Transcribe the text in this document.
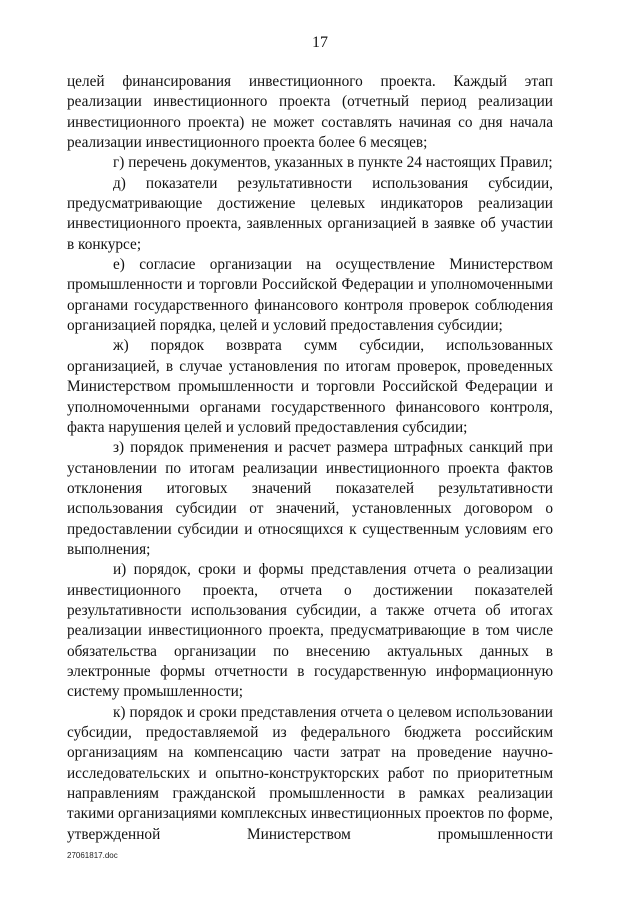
17

целей финансирования инвестиционного проекта. Каждый этап реализации инвестиционного проекта (отчетный период реализации инвестиционного проекта) не может составлять начиная со дня начала реализации инвестиционного проекта более 6 месяцев;

г) перечень документов, указанных в пункте 24 настоящих Правил;

д) показатели результативности использования субсидии, предусматривающие достижение целевых индикаторов реализации инвестиционного проекта, заявленных организацией в заявке об участии в конкурсе;

е) согласие организации на осуществление Министерством промышленности и торговли Российской Федерации и уполномоченными органами государственного финансового контроля проверок соблюдения организацией порядка, целей и условий предоставления субсидии;

ж) порядок возврата сумм субсидии, использованных организацией, в случае установления по итогам проверок, проведенных Министерством промышленности и торговли Российской Федерации и уполномоченными органами государственного финансового контроля, факта нарушения целей и условий предоставления субсидии;

з) порядок применения и расчет размера штрафных санкций при установлении по итогам реализации инвестиционного проекта фактов отклонения итоговых значений показателей результативности использования субсидии от значений, установленных договором о предоставлении субсидии и относящихся к существенным условиям его выполнения;

и) порядок, сроки и формы представления отчета о реализации инвестиционного проекта, отчета о достижении показателей результативности использования субсидии, а также отчета об итогах реализации инвестиционного проекта, предусматривающие в том числе обязательства организации по внесению актуальных данных в электронные формы отчетности в государственную информационную систему промышленности;

к) порядок и сроки представления отчета о целевом использовании субсидии, предоставляемой из федерального бюджета российским организациям на компенсацию части затрат на проведение научно-исследовательских и опытно-конструкторских работ по приоритетным направлениям гражданской промышленности в рамках реализации такими организациями комплексных инвестиционных проектов по форме, утвержденной Министерством промышленности

27061817.doc
